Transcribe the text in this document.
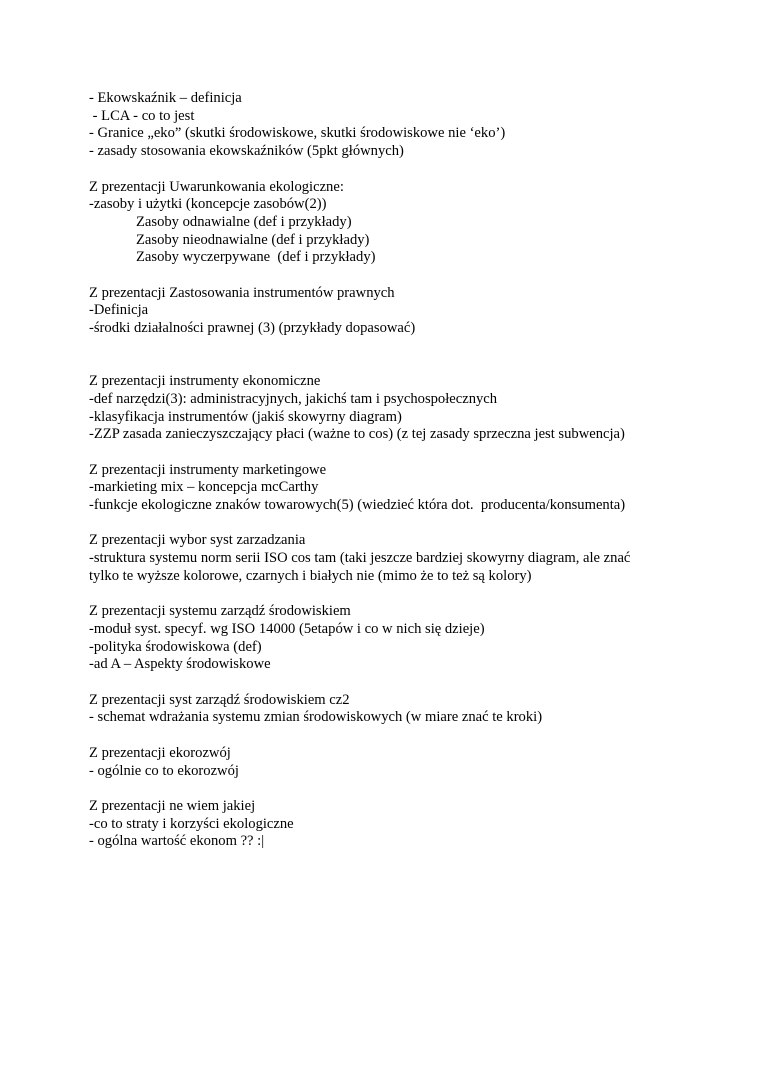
- Ekowskaźnik – definicja
- LCA - co to jest
- Granice „eko” (skutki środowiskowe, skutki środowiskowe nie ‘eko’)
- zasady stosowania ekowskaźników (5pkt głównych)
Z prezentacji Uwarunkowania ekologiczne:
-zasoby i użytki (koncepcje zasobów(2))
Zasoby odnawialne (def i przykłady)
Zasoby nieodnawialne (def i przykłady)
Zasoby wyczerpywane  (def i przykłady)
Z prezentacji Zastosowania instrumentów prawnych
-Definicja
-środki działalności prawnej (3) (przykłady dopasować)
Z prezentacji instrumenty ekonomiczne
-def narzędzi(3): administracyjnych, jakichś tam i psychospołecznych
-klasyfikacja instrumentów (jakiś skowyrny diagram)
-ZZP zasada zanieczyszczający płaci (ważne to cos) (z tej zasady sprzeczna jest subwencja)
Z prezentacji instrumenty marketingowe
-markieting mix – koncepcja mcCarthy
-funkcje ekologiczne znaków towarowych(5) (wiedzieć która dot.  producenta/konsumenta)
Z prezentacji wybor syst zarzadzania
-struktura systemu norm serii ISO cos tam (taki jeszcze bardziej skowyrny diagram, ale znać
tylko te wyższe kolorowe, czarnych i białych nie (mimo że to też są kolory)
Z prezentacji systemu zarządź środowiskiem
-moduł syst. specyf. wg ISO 14000 (5etapów i co w nich się dzieje)
-polityka środowiskowa (def)
-ad A – Aspekty środowiskowe
Z prezentacji syst zarządź środowiskiem cz2
- schemat wdrażania systemu zmian środowiskowych (w miare znać te kroki)
Z prezentacji ekorozwój
- ogólnie co to ekorozwój
Z prezentacji ne wiem jakiej
-co to straty i korzyści ekologiczne
- ogólna wartość ekonom ?? :|
